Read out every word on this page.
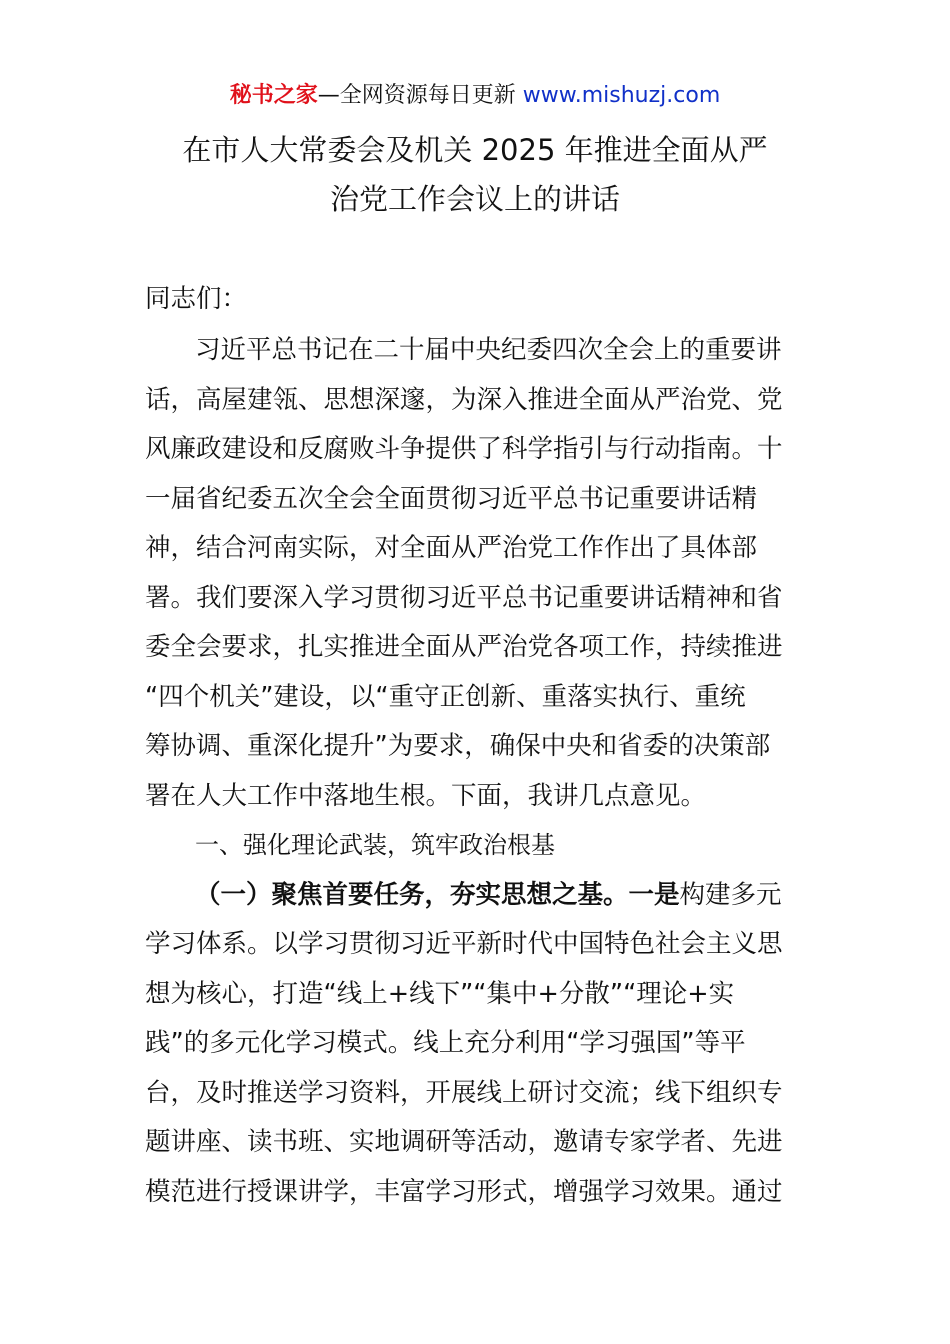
秘书之家—全网资源每日更新 www.mishuzj.com
在市人大常委会及机关 2025 年推进全面从严
治党工作会议上的讲话
同志们：
习近平总书记在二十届中央纪委四次全会上的重要讲
话，高屋建瓴、思想深邃，为深入推进全面从严治党、党
风廉政建设和反腐败斗争提供了科学指引与行动指南。十
一届省纪委五次全会全面贯彻习近平总书记重要讲话精
神，结合河南实际，对全面从严治党工作作出了具体部
署。我们要深入学习贯彻习近平总书记重要讲话精神和省
委全会要求，扎实推进全面从严治党各项工作，持续推进
“四个机关”建设，以“重守正创新、重落实执行、重统
筹协调、重深化提升”为要求，确保中央和省委的决策部
署在人大工作中落地生根。下面，我讲几点意见。
一、强化理论武装，筑牢政治根基
（一）聚焦首要任务，夯实思想之基。一是构建多元
学习体系。以学习贯彻习近平新时代中国特色社会主义思
想为核心，打造“线上+线下”“集中+分散”“理论+实
践”的多元化学习模式。线上充分利用“学习强国”等平
台，及时推送学习资料，开展线上研讨交流；线下组织专
题讲座、读书班、实地调研等活动，邀请专家学者、先进
模范进行授课讲学，丰富学习形式，增强学习效果。通过
